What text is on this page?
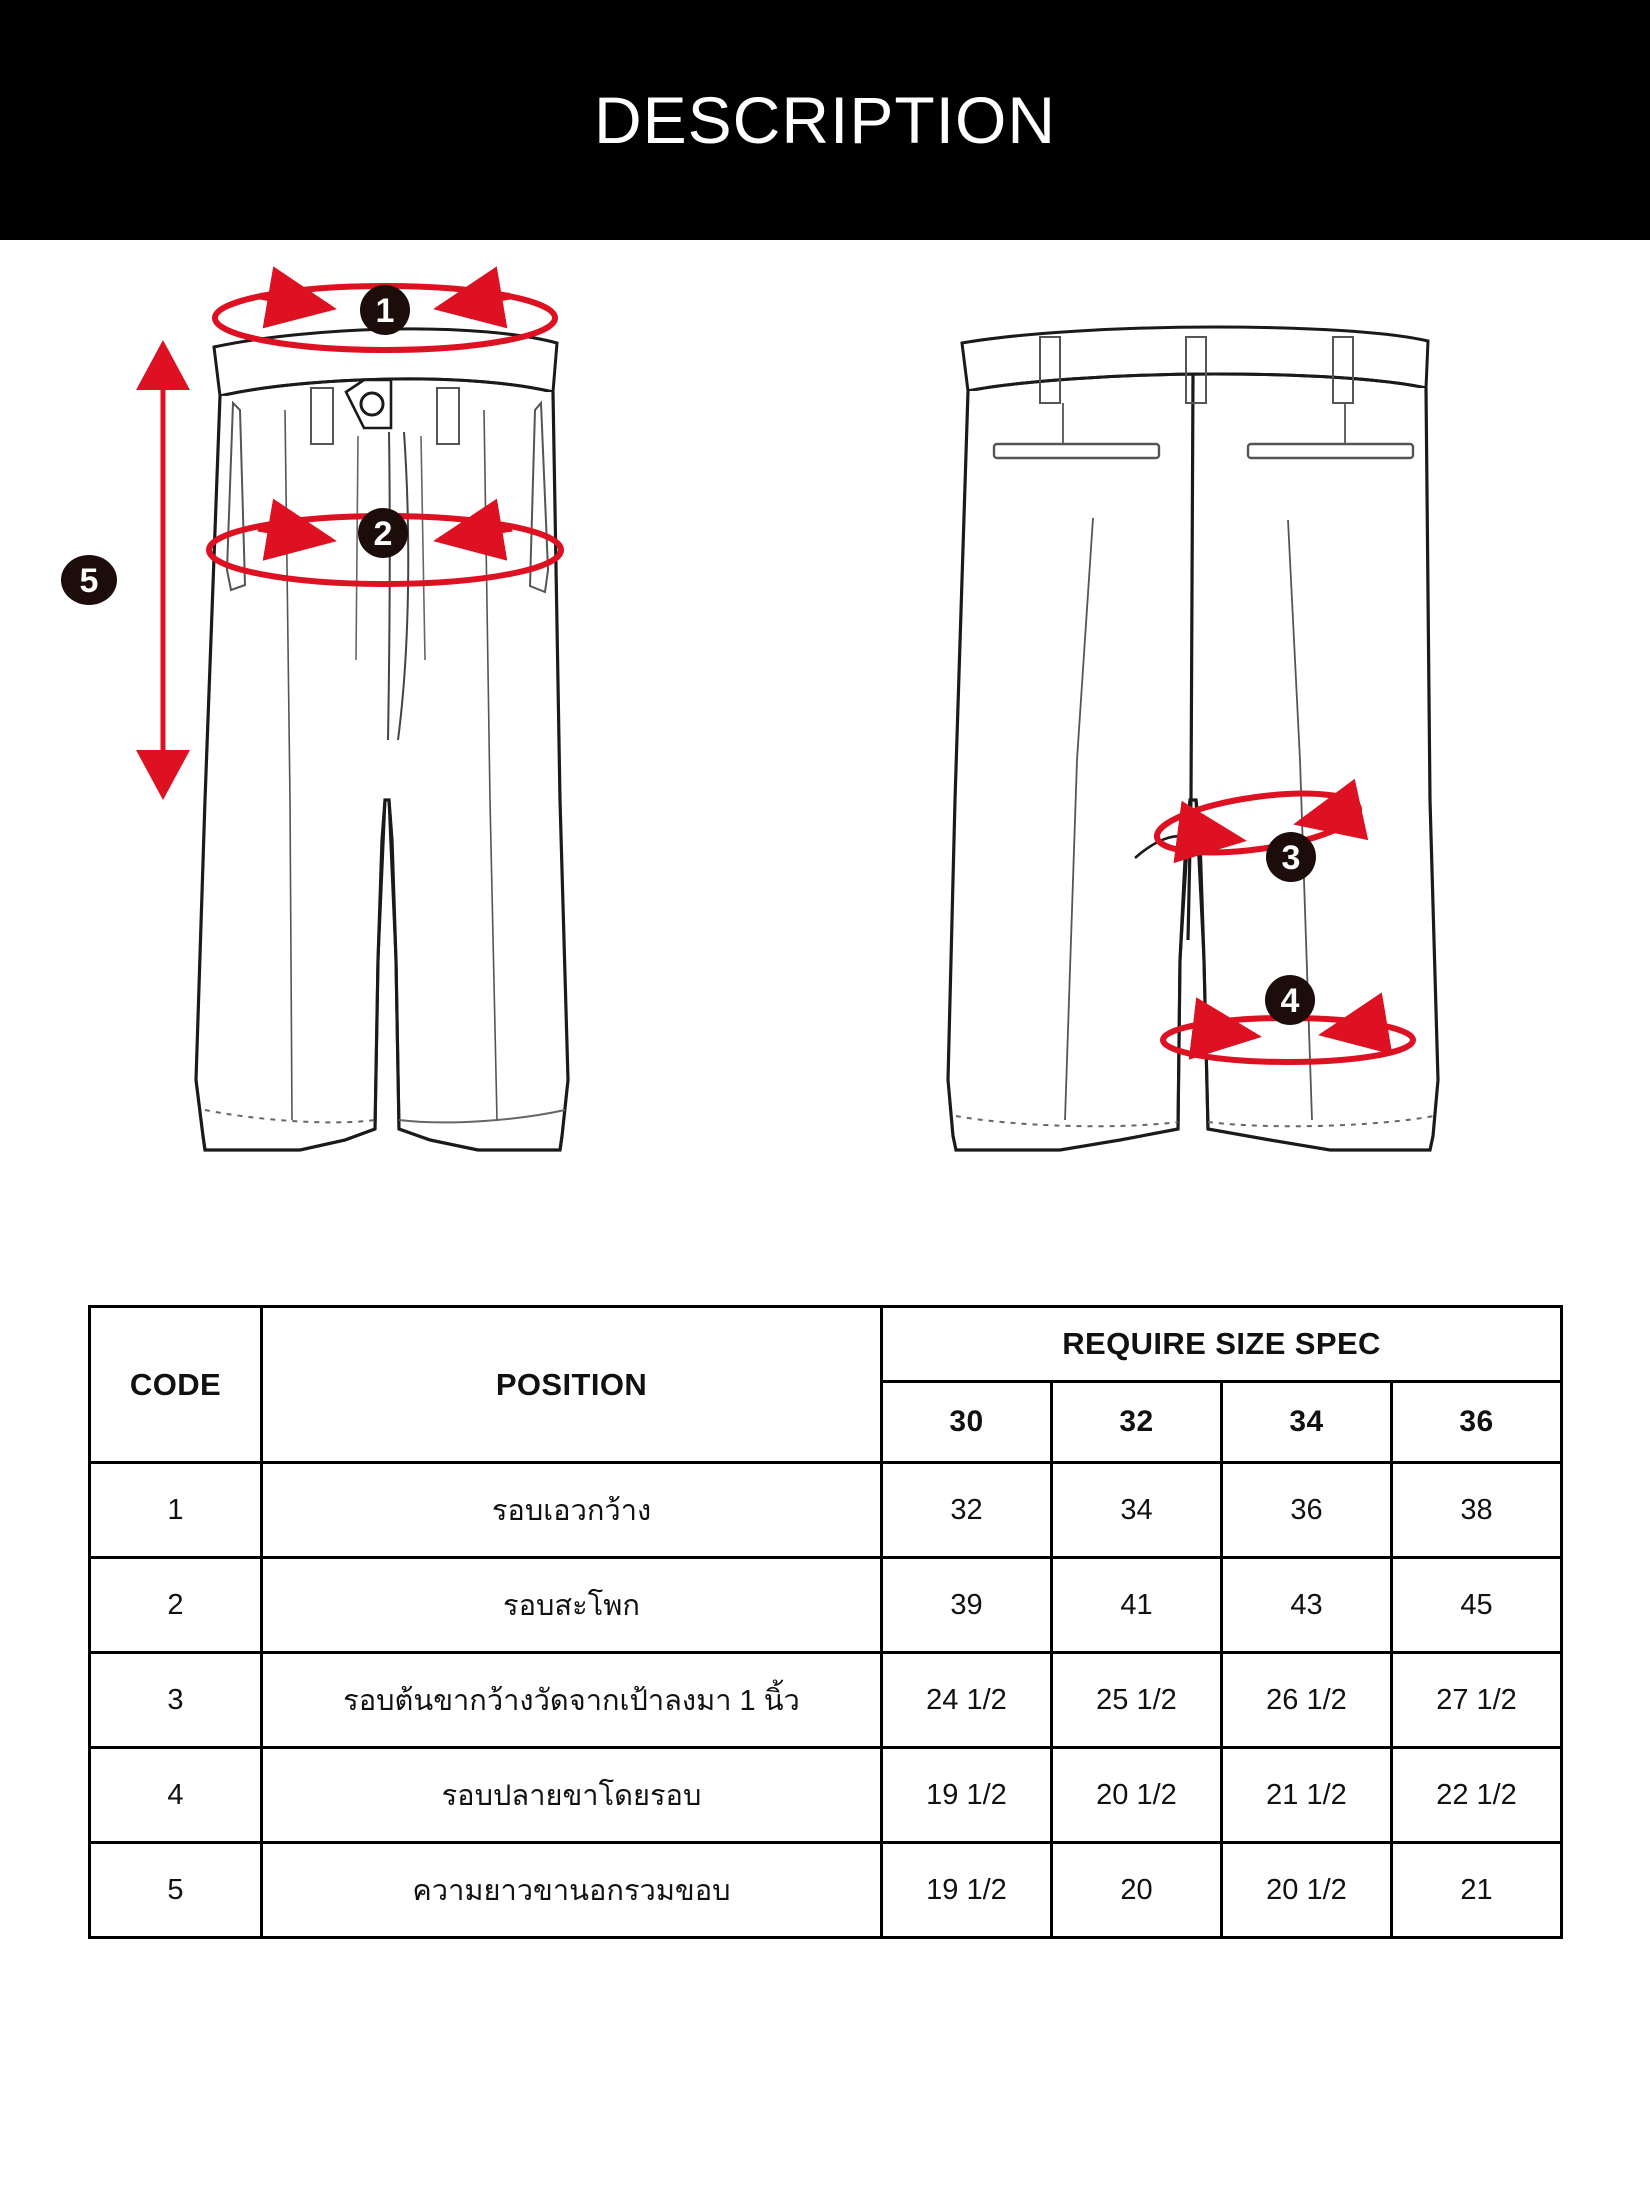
DESCRIPTION
1
2
5
3
4
CODE	POSITION	REQUIRE SIZE SPEC			
		30	32	34	36
1	รอบเอวกว้าง	32	34	36	38
2	รอบสะโพก	39	41	43	45
3	รอบต้นขากว้างวัดจากเป้าลงมา 1 นิ้ว	24 1/2	25 1/2	26 1/2	27 1/2
4	รอบปลายขาโดยรอบ	19 1/2	20 1/2	21 1/2	22 1/2
5	ความยาวขานอกรวมขอบ	19 1/2	20	20 1/2	21
